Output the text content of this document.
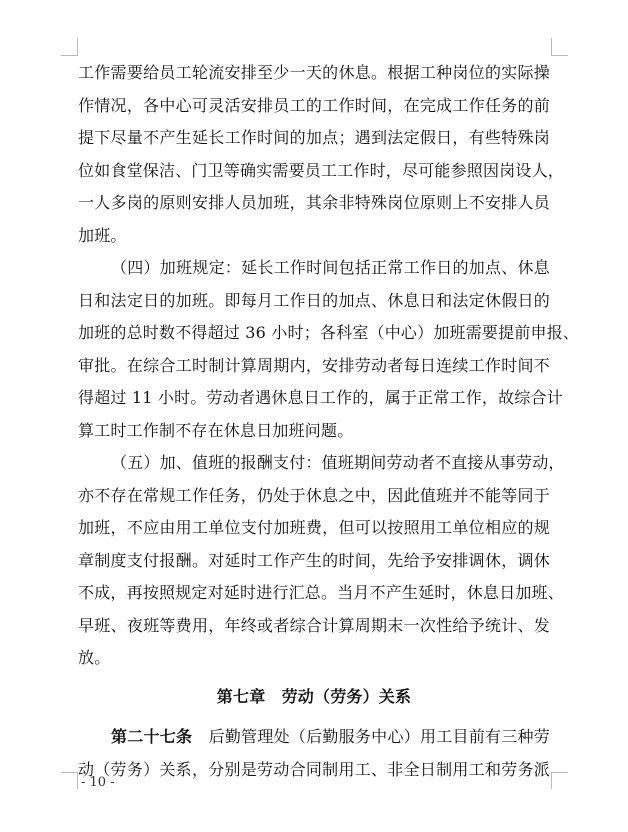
工作需要给员工轮流安排至少一天的休息。根据工种岗位的实际操
作情况，各中心可灵活安排员工的工作时间，在完成工作任务的前
提下尽量不产生延长工作时间的加点；遇到法定假日，有些特殊岗
位如食堂保洁、门卫等确实需要员工工作时，尽可能参照因岗设人，
一人多岗的原则安排人员加班，其余非特殊岗位原则上不安排人员
加班。
（四）加班规定：延长工作时间包括正常工作日的加点、休息
日和法定日的加班。即每月工作日的加点、休息日和法定休假日的
加班的总时数不得超过 36 小时；各科室（中心）加班需要提前申报、
审批。在综合工时制计算周期内，安排劳动者每日连续工作时间不
得超过 11 小时。劳动者遇休息日工作的，属于正常工作，故综合计
算工时工作制不存在休息日加班问题。
（五）加、值班的报酬支付：值班期间劳动者不直接从事劳动，
亦不存在常规工作任务，仍处于休息之中，因此值班并不能等同于
加班，不应由用工单位支付加班费，但可以按照用工单位相应的规
章制度支付报酬。对延时工作产生的时间，先给予安排调休，调休
不成，再按照规定对延时进行汇总。当月不产生延时，休息日加班、
早班、夜班等费用，年终或者综合计算周期末一次性给予统计、发
放。
第七章　劳动（劳务）关系
第二十七条　后勤管理处（后勤服务中心）用工目前有三种劳
动（劳务）关系，分别是劳动合同制用工、非全日制用工和劳务派
- 10 -
